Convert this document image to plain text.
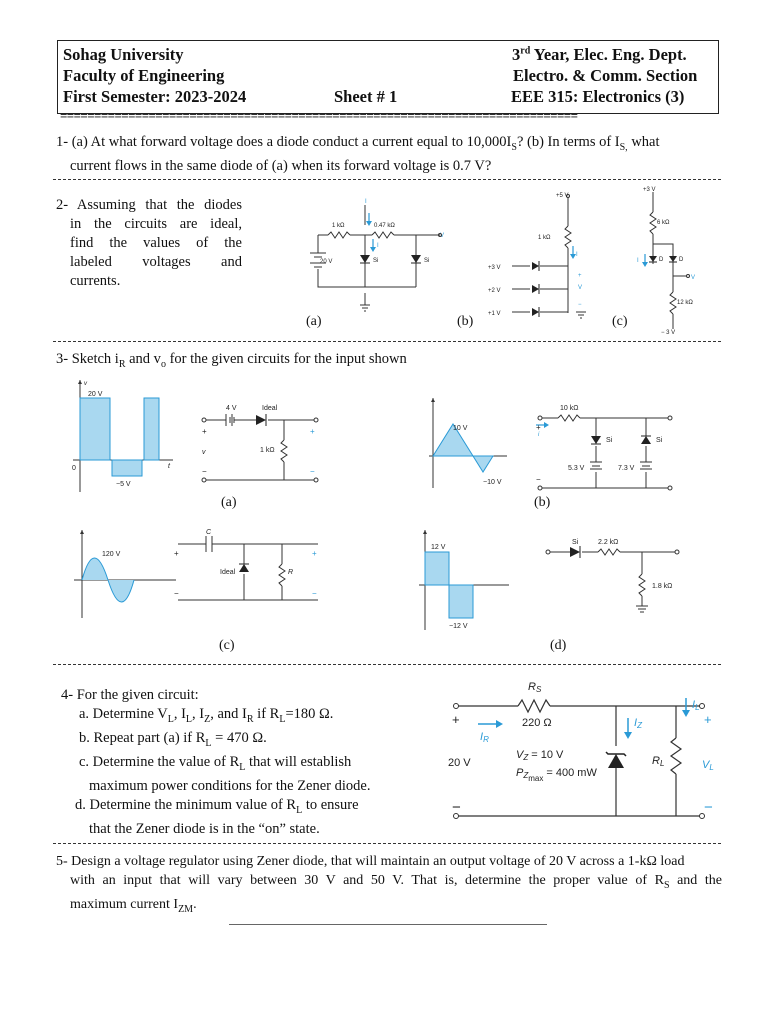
Sohag University
Faculty of Engineering
First Semester: 2023-2024	Sheet # 1
3rd Year, Elec. Eng. Dept.
Electro. & Comm. Section
EEE 315: Electronics (3)
============================================================================
1- (a) At what forward voltage does a diode conduct a current equal to $10,000I_S$? (b) In terms of $I_{S,}$ what
current flows in the same diode of (a) when its forward voltage is 0.7 V?
2- Assuming that the diodes
in the circuits are ideal,
find the values of the
labeled voltages and
currents.
1 kΩ	0.47 kΩ
20 V	Si	Si
I
I
V
+5 V
1 kΩ
+3 V
+2 V
+1 V
I
V
+
−
+3 V
6 kΩ
12 kΩ
− 3 V
D	D
I
V
(a)	(b)	(c)
3- Sketch $i_R$ and $v_o$ for the given circuits for the input shown
20 V
−5 V
0	t
v
4 V	Ideal
1 kΩ
+
v
−
+
−
(a)
10 V
−10 V
10 kΩ
Si	Si
5.3 V	7.3 V
i
+
−
(b)
120 V
C
Ideal	R
+
−
+
−
(c)
12 V
−12 V
Si	2.2 kΩ
1.8 kΩ
(d)
4- For the given circuit:
a. Determine $V_L$, $I_L$, $I_Z$, and $I_R$ if $R_L=180$ Ω.
b. Repeat part (a) if $R_L = 470$ Ω.
c. Determine the value of $R_L$ that will establish
maximum power conditions for the Zener diode.
d. Determine the minimum value of $R_L$ to ensure
that the Zener diode is in the “on” state.
RS
220 Ω
20 V
VZ = 10 V
$PZ_{max} = 400$ mW
IR
IZ
IL
RL	VL
+
−
+
−
5- Design a voltage regulator using Zener diode, that will maintain an output voltage of 20 V across a 1-kΩ load
with an input that will vary between 30 V and 50 V. That is, determine the proper value of $R_S$ and the
maximum current $I_{ZM}$.
